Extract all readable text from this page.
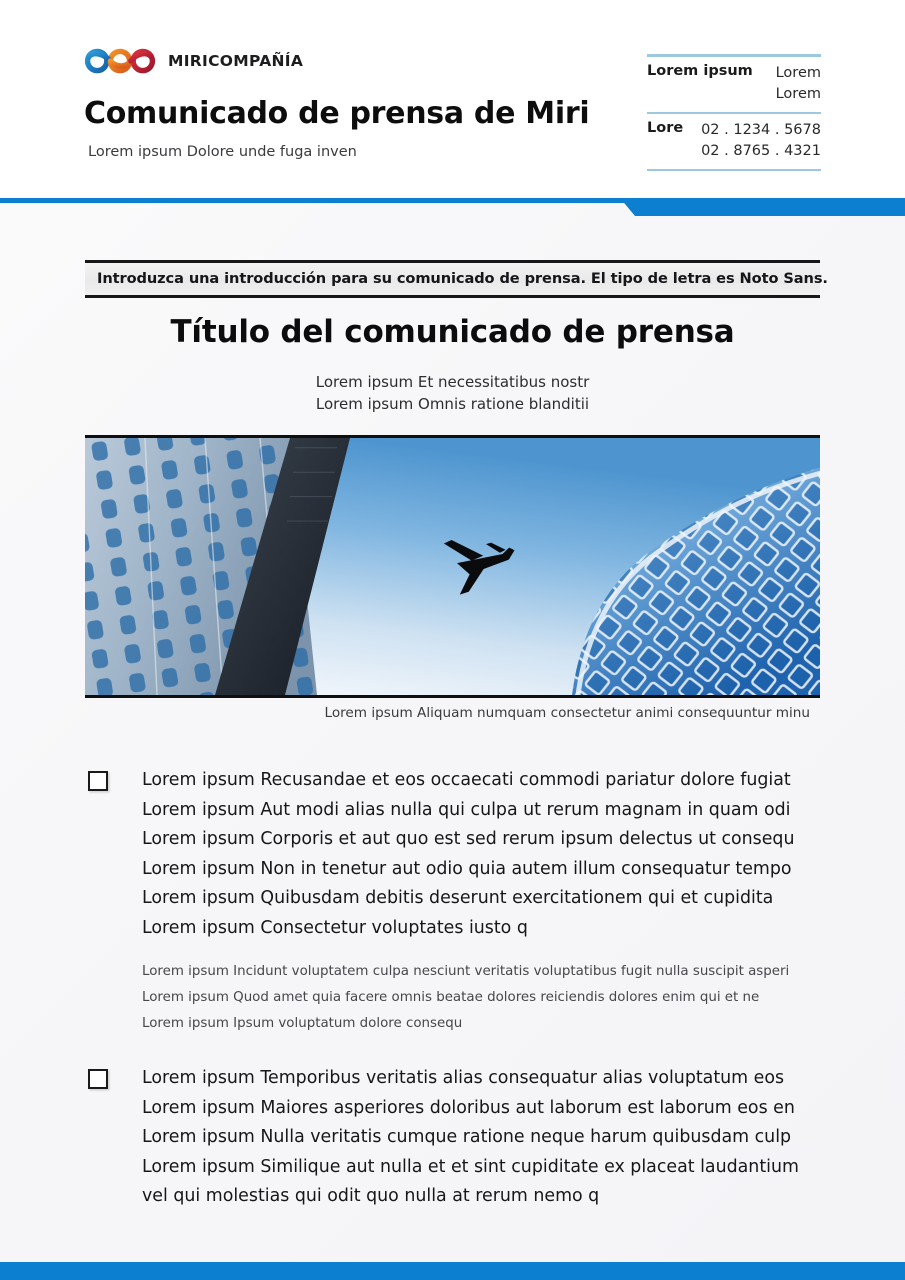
MIRICOMPAÑÍA
Comunicado de prensa de Miri
Lorem ipsum Dolore unde fuga inven
Lorem ipsum Lorem
Lorem
Lore 02 . 1234 . 5678
02 . 8765 . 4321
Introduzca una introducción para su comunicado de prensa. El tipo de letra es Noto Sans.
Título del comunicado de prensa
Lorem ipsum Et necessitatibus nostr
Lorem ipsum Omnis ratione blanditii
Lorem ipsum Aliquam numquam consectetur animi consequuntur minu
Lorem ipsum Recusandae et eos occaecati commodi pariatur dolore fugiat
Lorem ipsum Aut modi alias nulla qui culpa ut rerum magnam in quam odi
Lorem ipsum Corporis et aut quo est sed rerum ipsum delectus ut consequ
Lorem ipsum Non in tenetur aut odio quia autem illum consequatur tempo
Lorem ipsum Quibusdam debitis deserunt exercitationem qui et cupidita
Lorem ipsum Consectetur voluptates iusto q
Lorem ipsum Incidunt voluptatem culpa nesciunt veritatis voluptatibus fugit nulla suscipit asperi
Lorem ipsum Quod amet quia facere omnis beatae dolores reiciendis dolores enim qui et ne
Lorem ipsum Ipsum voluptatum dolore consequ
Lorem ipsum Temporibus veritatis alias consequatur alias voluptatum eos
Lorem ipsum Maiores asperiores doloribus aut laborum est laborum eos en
Lorem ipsum Nulla veritatis cumque ratione neque harum quibusdam culp
Lorem ipsum Similique aut nulla et et sint cupiditate ex placeat laudantium
vel qui molestias qui odit quo nulla at rerum nemo q
